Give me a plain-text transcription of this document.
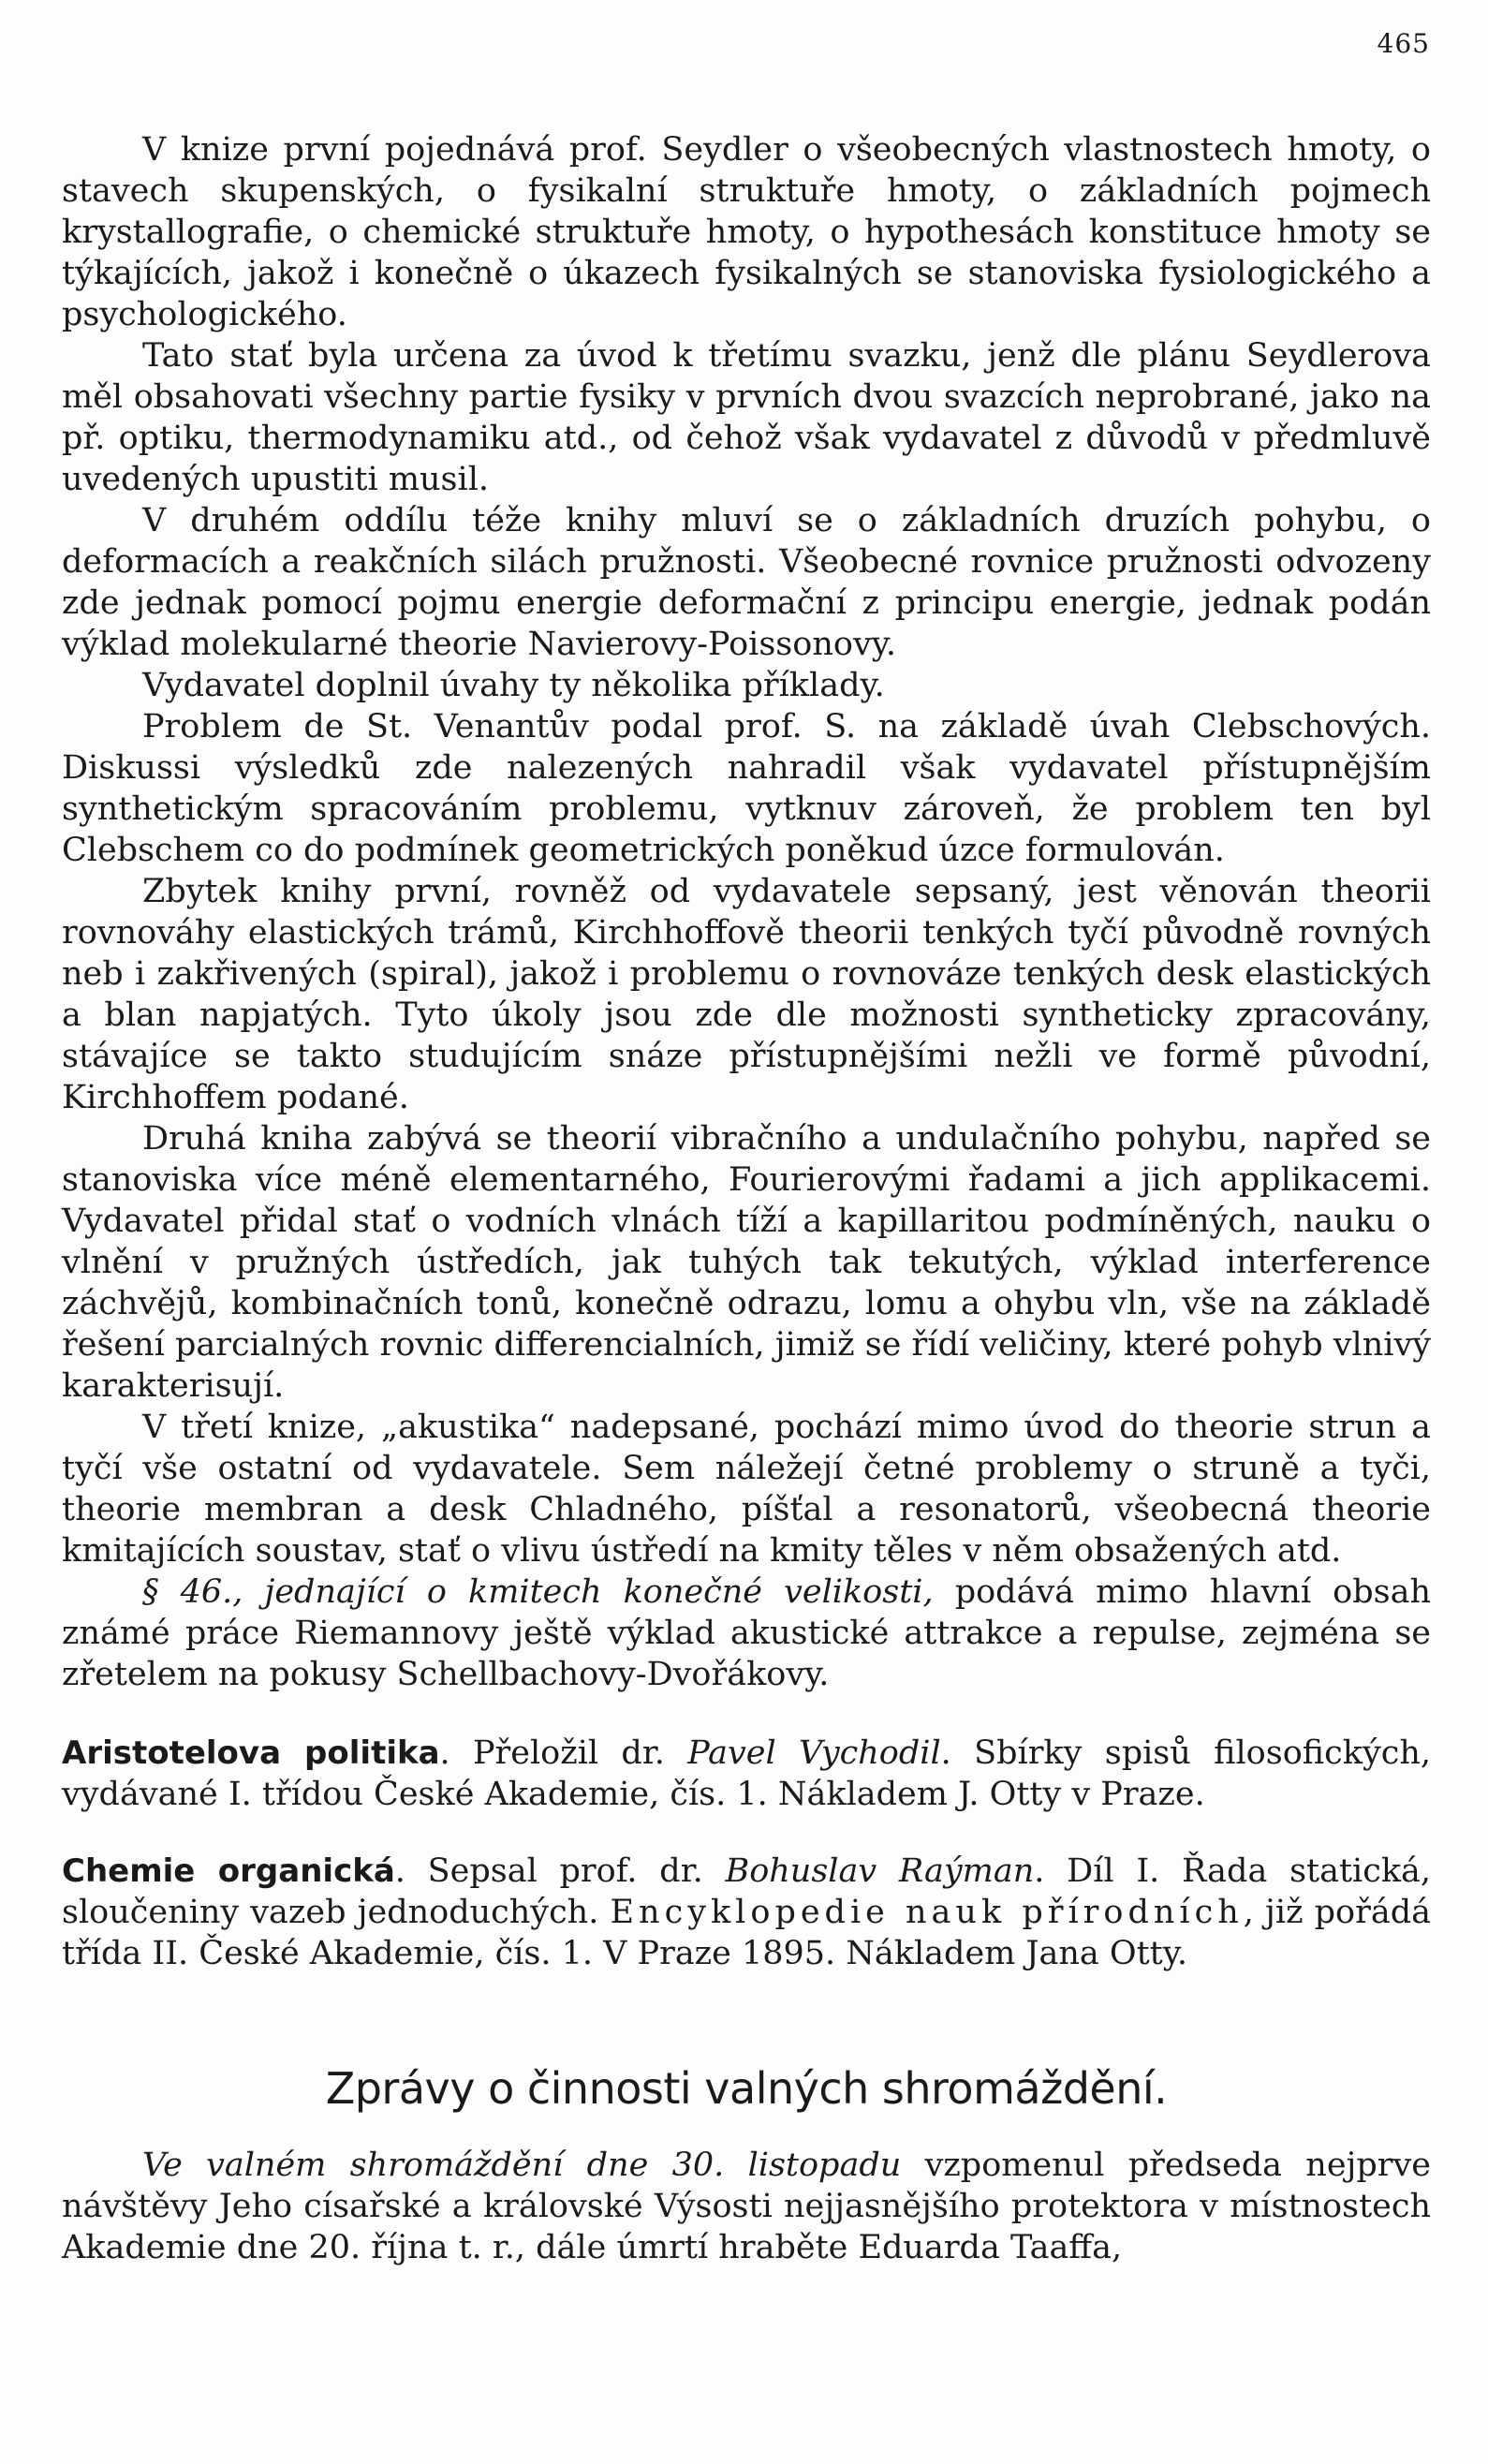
465

V knize první pojednává prof. Seydler o všeobecných vlastnostech hmoty, o stavech skupenských, o fysikalní struktuře hmoty, o základních pojmech krystallografie, o chemické struktuře hmoty, o hypothesách konstituce hmoty se týkajících, jakož i konečně o úkazech fysikalných se stanoviska fysiologického a psychologického.

Tato stať byla určena za úvod k třetímu svazku, jenž dle plánu Seydlerova měl obsahovati všechny partie fysiky v prvních dvou svazcích neprobrané, jako na př. optiku, thermodynamiku atd., od čehož však vydavatel z důvodů v předmluvě uvedených upustiti musil.

V druhém oddílu téže knihy mluví se o základních druzích pohybu, o deformacích a reakčních silách pružnosti. Všeobecné rovnice pružnosti odvozeny zde jednak pomocí pojmu energie deformační z principu energie, jednak podán výklad molekularné theorie Navierovy-Poissonovy.

Vydavatel doplnil úvahy ty několika příklady.

Problem de St. Venantův podal prof. S. na základě úvah Clebschových. Diskussi výsledků zde nalezených nahradil však vydavatel přístupnějším synthetickým spracováním problemu, vytknuv zároveň, že problem ten byl Clebschem co do podmínek geometrických poněkud úzce formulován.

Zbytek knihy první, rovněž od vydavatele sepsaný, jest věnován theorii rovnováhy elastických trámů, Kirchhoffově theorii tenkých tyčí původně rovných neb i zakřivených (spiral), jakož i problemu o rovnováze tenkých desk elastických a blan napjatých. Tyto úkoly jsou zde dle možnosti syntheticky zpracovány, stávajíce se takto studujícím snáze přístupnějšími nežli ve formě původní, Kirchhoffem podané.

Druhá kniha zabývá se theorií vibračního a undulačního pohybu, napřed se stanoviska více méně elementarného, Fourierovými řadami a jich applikacemi. Vydavatel přidal stať o vodních vlnách tíží a kapillaritou podmíněných, nauku o vlnění v pružných ústředích, jak tuhých tak tekutých, výklad interference záchvějů, kombinačních tonů, konečně odrazu, lomu a ohybu vln, vše na základě řešení parcialných rovnic differencialních, jimiž se řídí veličiny, které pohyb vlnivý karakterisují.

V třetí knize, „akustika“ nadepsané, pochází mimo úvod do theorie strun a tyčí vše ostatní od vydavatele. Sem náležejí četné problemy o struně a tyči, theorie membran a desk Chladného, píšťal a resonatorů, všeobecná theorie kmitajících soustav, stať o vlivu ústředí na kmity těles v něm obsažených atd.

§ 46., jednající o kmitech konečné velikosti, podává mimo hlavní obsah známé práce Riemannovy ještě výklad akustické attrakce a repulse, zejména se zřetelem na pokusy Schellbachovy-Dvořákovy.

Aristotelova politika. Přeložil dr. Pavel Vychodil. Sbírky spisů filosofických, vydávané I. třídou České Akademie, čís. 1. Nákladem J. Otty v Praze.

Chemie organická. Sepsal prof. dr. Bohuslav Raýman. Díl I. Řada statická, sloučeniny vazeb jednoduchých. Encyklopedie nauk přírodních, již pořádá třída II. České Akademie, čís. 1. V Praze 1895. Nákladem Jana Otty.

Zprávy o činnosti valných shromáždění.

Ve valném shromáždění dne 30. listopadu vzpomenul předseda nejprve návštěvy Jeho císařské a královské Výsosti nejjasnějšího protektora v místnostech Akademie dne 20. října t. r., dále úmrtí hraběte Eduarda Taaffa,
